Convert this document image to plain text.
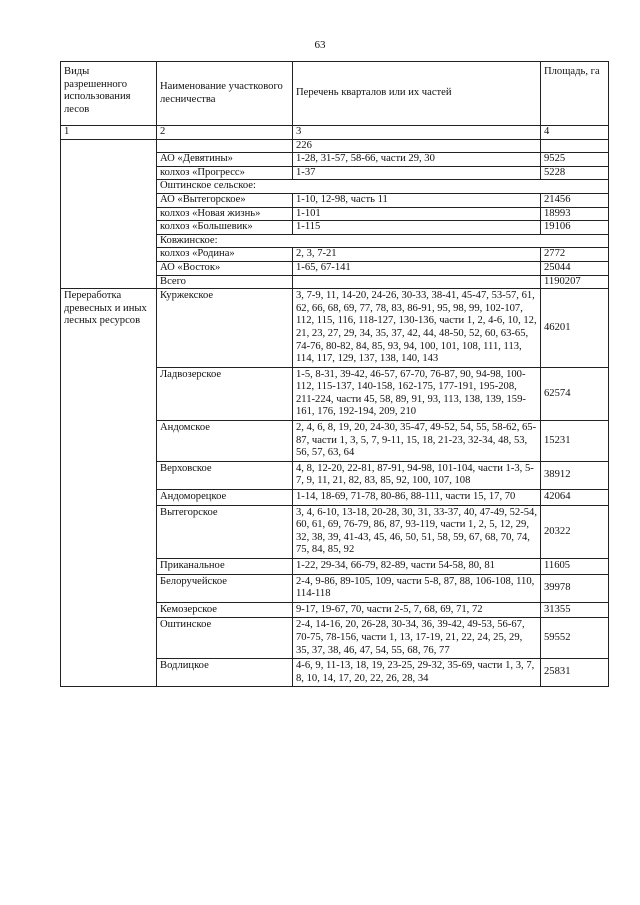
63
Виды разрешенного использования лесов	Наименование участкового лесничества	Перечень кварталов или их частей	Площадь, га
1	2	3	4
		226	
	АО «Девятины»	1-28, 31-57, 58-66, части 29, 30	9525
	колхоз «Прогресс»	1-37	5228
	Оштинское сельское:		
	АО «Вытегорское»	1-10, 12-98, часть 11	21456
	колхоз «Новая жизнь»	1-101	18993
	колхоз «Большевик»	1-115	19106
	Ковжинское:		
	колхоз «Родина»	2, 3, 7-21	2772
	АО «Восток»	1-65, 67-141	25044
	Всего		1190207
Переработка древесных и иных лесных ресурсов	Куржекское	3, 7-9, 11, 14-20, 24-26, 30-33, 38-41, 45-47, 53-57, 61, 62, 66, 68, 69, 77, 78, 83, 86-91, 95, 98, 99, 102-107, 112, 115, 116, 118-127, 130-136, части 1, 2, 4-6, 10, 12, 21, 23, 27, 29, 34, 35, 37, 42, 44, 48-50, 52, 60, 63-65, 74-76, 80-82, 84, 85, 93, 94, 100, 101, 108, 111, 113, 114, 117, 129, 137, 138, 140, 143	46201
	Ладвозерское	1-5, 8-31, 39-42, 46-57, 67-70, 76-87, 90, 94-98, 100-112, 115-137, 140-158, 162-175, 177-191, 195-208, 211-224, части 45, 58, 89, 91, 93, 113, 138, 139, 159-161, 176, 192-194, 209, 210	62574
	Андомское	2, 4, 6, 8, 19, 20, 24-30, 35-47, 49-52, 54, 55, 58-62, 65-87, части 1, 3, 5, 7, 9-11, 15, 18, 21-23, 32-34, 48, 53, 56, 57, 63, 64	15231
	Верховское	4, 8, 12-20, 22-81, 87-91, 94-98, 101-104, части 1-3, 5-7, 9, 11, 21, 82, 83, 85, 92, 100, 107, 108	38912
	Андоморецкое	1-14, 18-69, 71-78, 80-86, 88-111, части 15, 17, 70	42064
	Вытегорское	3, 4, 6-10, 13-18, 20-28, 30, 31, 33-37, 40, 47-49, 52-54, 60, 61, 69, 76-79, 86, 87, 93-119, части 1, 2, 5, 12, 29, 32, 38, 39, 41-43, 45, 46, 50, 51, 58, 59, 67, 68, 70, 74, 75, 84, 85, 92	20322
	Приканальное	1-22, 29-34, 66-79, 82-89, части 54-58, 80, 81	11605
	Белоручейское	2-4, 9-86, 89-105, 109, части 5-8, 87, 88, 106-108, 110, 114-118	39978
	Кемозерское	9-17, 19-67, 70, части 2-5, 7, 68, 69, 71, 72	31355
	Оштинское	2-4, 14-16, 20, 26-28, 30-34, 36, 39-42, 49-53, 56-67, 70-75, 78-156, части 1, 13, 17-19, 21, 22, 24, 25, 29, 35, 37, 38, 46, 47, 54, 55, 68, 76, 77	59552
	Водлицкое	4-6, 9, 11-13, 18, 19, 23-25, 29-32, 35-69, части 1, 3, 7, 8, 10, 14, 17, 20, 22, 26, 28, 34	25831
